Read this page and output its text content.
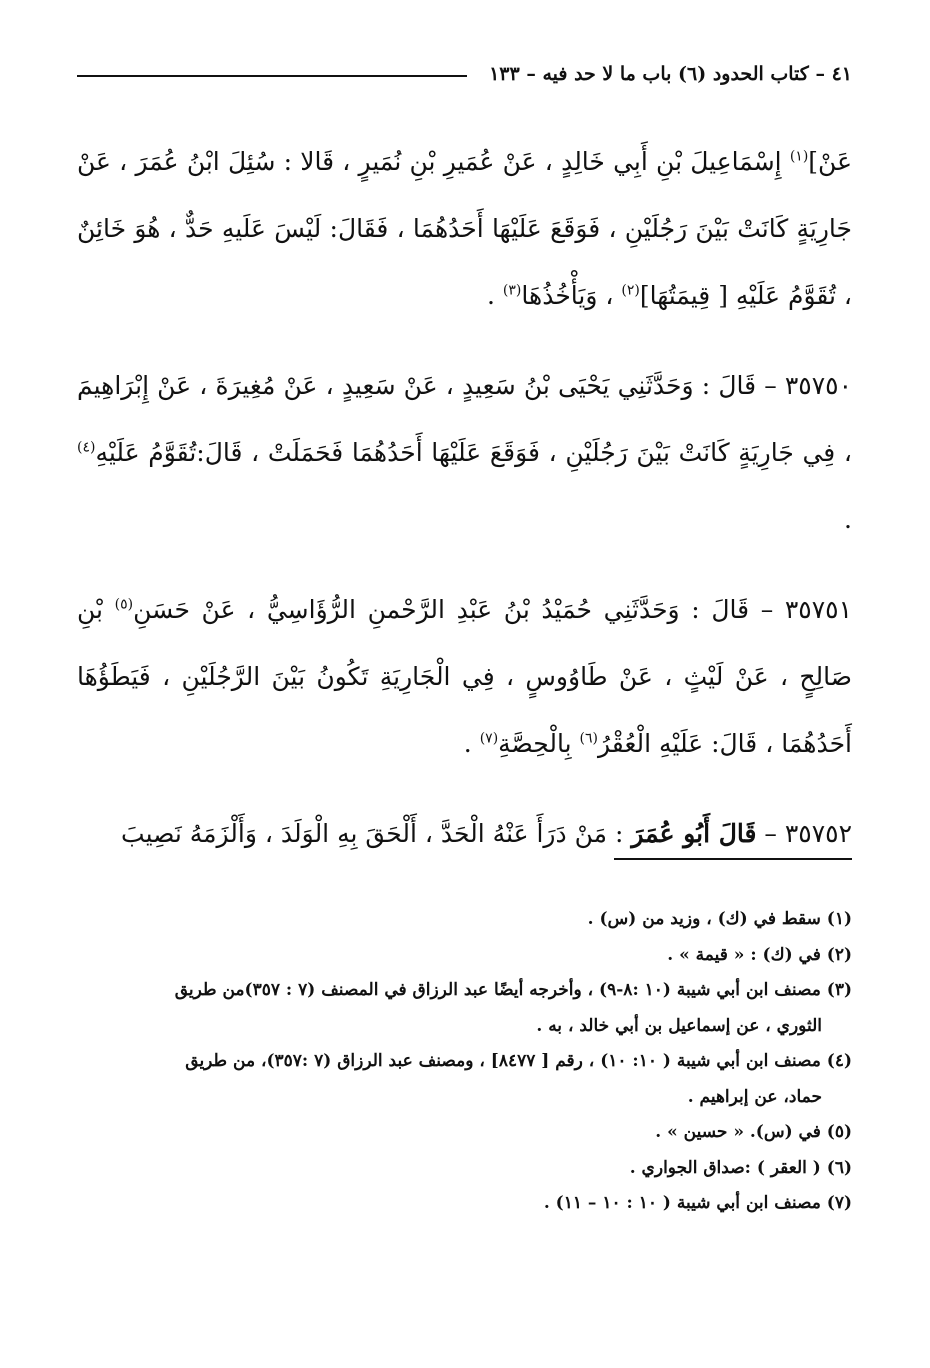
٤١ – كتاب الحدود (٦) باب ما لا حد فيه – ١٣٣

عَنْ]$^{(١)}$ إِسْمَاعِيلَ بْنِ أَبِي خَالِدٍ ، عَنْ عُمَيرِ بْنِ نُمَيرٍ ، قَالا : سُئِلَ ابْنُ عُمَرَ ، عَنْ جَارِيَةٍ كَانَتْ بَيْنَ رَجُلَيْنِ ، فَوَقَعَ عَلَيْهَا أَحَدُهُمَا ، فَقَالَ: لَيْسَ عَلَيهِ حَدٌّ ، هُوَ خَائِنٌ ، تُقَوَّمُ عَلَيْهِ [ قِيمَتُهَا]$^{(٢)}$ ، وَيَأْخُذُهَا$^{(٣)}$ .

٣٥٧٥٠ – قَالَ : وَحَدَّثَنِي يَحْيَى بْنُ سَعِيدٍ ، عَنْ سَعِيدٍ ، عَنْ مُغِيرَةَ ، عَنْ إِبْرَاهِيمَ ، فِي جَارِيَةٍ كَانَتْ بَيْنَ رَجُلَيْنِ ، فَوَقَعَ عَلَيْهَا أَحَدُهُمَا فَحَمَلَتْ ، قَالَ:تُقَوَّمُ عَلَيْهِ$^{(٤)}$ .

٣٥٧٥١ – قَالَ : وَحَدَّثَنِي حُمَيْدُ بْنُ عَبْدِ الرَّحْمنِ الرُّؤَاسِيُّ ، عَنْ حَسَنِ$^{(٥)}$ بْنِ صَالِحٍ ، عَنْ لَيْثٍ ، عَنْ طَاوُوسٍ ، فِي الْجَارِيَةِ تَكُونُ بَيْنَ الرَّجُلَيْنِ ، فَيَطَؤُهَا أَحَدُهُمَا ، قَالَ: عَلَيْهِ الْعُقْرُ$^{(٦)}$ بِالْحِصَّةِ$^{(٧)}$ .

٣٥٧٥٢ – قَالَ أَبُو عُمَرَ : مَنْ دَرَأَ عَنْهُ الْحَدَّ ، أَلْحَقَ بِهِ الْوَلَدَ ، وَأَلْزَمَهُ نَصِيبَ

(١) سقط في (ك) ، وزيد من (س) .

(٢) في (ك) : « قيمة » .

(٣) مصنف ابن أبي شيبة (١٠ :٨-٩) ، وأخرجه أيضًا عبد الرزاق في المصنف (٧ : ٣٥٧)من طريق
الثوري ، عن إسماعيل بن أبي خالد ، به .

(٤) مصنف ابن أبي شيبة ( ١٠: ١٠) ، رقم [ ٨٤٧٧] ، ومصنف عبد الرزاق (٧ :٣٥٧)، من طريق
حماد، عن إبراهيم .

(٥) في (س). « حسين » .

(٦) ( العقر ) :صداق الجواري .

(٧) مصنف ابن أبي شيبة ( ١٠ : ١٠ – ١١) .
